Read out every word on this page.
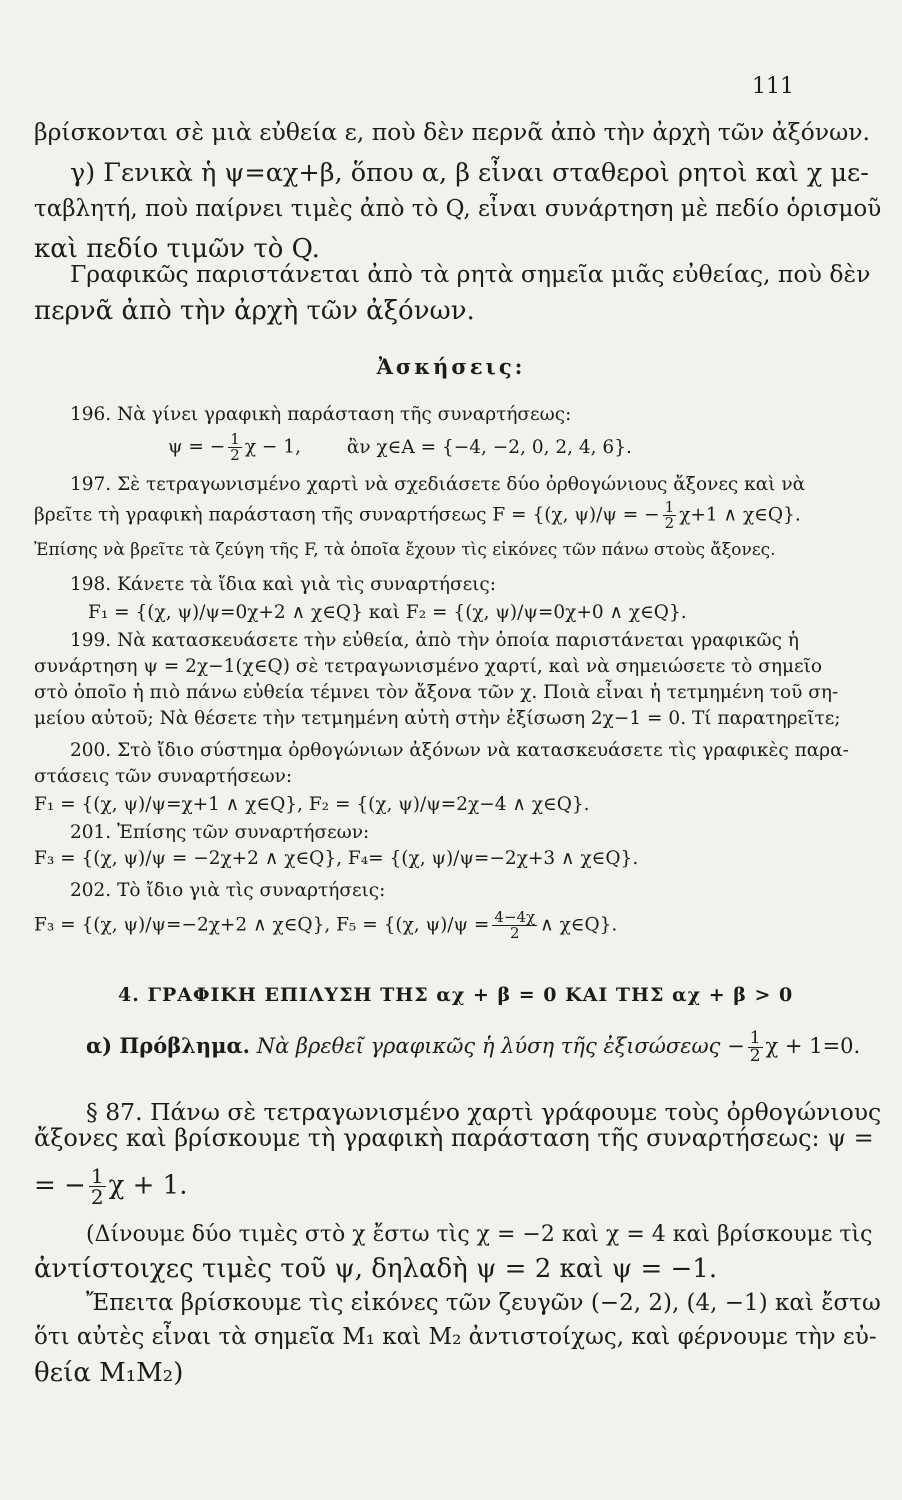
111
βρίσκονται σὲ μιὰ εὐθεία ε, ποὺ δὲν περνᾶ ἀπὸ τὴν ἀρχὴ τῶν ἀξόνων.
γ) Γενικὰ ἡ ψ=αχ+β, ὅπου α, β εἶναι σταθεροὶ ρητοὶ καὶ χ με-
ταβλητή, ποὺ παίρνει τιμὲς ἀπὸ τὸ Q, εἶναι συνάρτηση μὲ πεδίο ὁρισμοῦ
καὶ πεδίο τιμῶν τὸ Q.
Γραφικῶς παριστάνεται ἀπὸ τὰ ρητὰ σημεῖα μιᾶς εὐθείας, ποὺ δὲν
περνᾶ ἀπὸ τὴν ἀρχὴ τῶν ἀξόνων.
Ἀσκήσεις:
196. Νὰ γίνει γραφικὴ παράσταση τῆς συναρτήσεως:
ψ = − $\frac{1}{2}$ χ − 1, ἂν χ∈Α = {−4, −2, 0, 2, 4, 6}.
197. Σὲ τετραγωνισμένο χαρτὶ νὰ σχεδιάσετε δύο ὀρθογώνιους ἄξονες καὶ νὰ
βρεῖτε τὴ γραφικὴ παράσταση τῆς συναρτήσεως F = {(χ, ψ)/ψ = − $\frac{1}{2} \chi+1$ ∧ χ∈Q}.
Ἐπίσης νὰ βρεῖτε τὰ ζεύγη τῆς F, τὰ ὁποῖα ἔχουν τὶς εἰκόνες τῶν πάνω στοὺς ἄξονες.
198. Κάνετε τὰ ἴδια καὶ γιὰ τὶς συναρτήσεις:
F₁ = {(χ, ψ)/ψ=0χ+2 ∧ χ∈Q} καὶ F₂ = {(χ, ψ)/ψ=0χ+0 ∧ χ∈Q}.
199. Νὰ κατασκευάσετε τὴν εὐθεία, ἀπὸ τὴν ὁποία παριστάνεται γραφικῶς ἡ
συνάρτηση ψ = 2χ−1(χ∈Q) σὲ τετραγωνισμένο χαρτί, καὶ νὰ σημειώσετε τὸ σημεῖο
στὸ ὁποῖο ἡ πιὸ πάνω εὐθεία τέμνει τὸν ἄξονα τῶν χ. Ποιὰ εἶναι ἡ τετμημένη τοῦ ση-
μείου αὐτοῦ; Νὰ θέσετε τὴν τετμημένη αὐτὴ στὴν ἐξίσωση 2χ−1 = 0. Τί παρατηρεῖτε;
200. Στὸ ἴδιο σύστημα ὀρθογώνιων ἀξόνων νὰ κατασκευάσετε τὶς γραφικὲς παρα-
στάσεις τῶν συναρτήσεων:
F₁ = {(χ, ψ)/ψ=χ+1 ∧ χ∈Q}, F₂ = {(χ, ψ)/ψ=2χ−4 ∧ χ∈Q}.
201. Ἐπίσης τῶν συναρτήσεων:
F₃ = {(χ, ψ)/ψ = −2χ+2 ∧ χ∈Q}, F₄= {(χ, ψ)/ψ=−2χ+3 ∧ χ∈Q}.
202. Τὸ ἴδιο γιὰ τὶς συναρτήσεις:
F₃ = {(χ, ψ)/ψ=−2χ+2 ∧ χ∈Q}, F₅ = {(χ, $\psi)/\psi = \frac{4-4\chi}{2}$ ∧ χ∈Q}.
4. ΓΡΑΦΙΚΗ ΕΠΙΛΥΣΗ ΤΗΣ αχ + β = 0 ΚΑΙ ΤΗΣ αχ + β > 0
α) Πρόβλημα. Νὰ βρεθεῖ γραφικῶς ἡ λύση τῆς ἐξισώσεως − $\frac{1}{2}$ χ + 1=0.
§ 87. Πάνω σὲ τετραγωνισμένο χαρτὶ γράφουμε τοὺς ὀρθογώνιους
ἄξονες καὶ βρίσκουμε τὴ γραφικὴ παράσταση τῆς συναρτήσεως: ψ =
= − $\frac{1}{2}$ χ + 1.
(Δίνουμε δύο τιμὲς στὸ χ ἔστω τὶς χ = −2 καὶ χ = 4 καὶ βρίσκουμε τὶς
ἀντίστοιχες τιμὲς τοῦ ψ, δηλαδὴ ψ = 2 καὶ ψ = −1.
Ἔπειτα βρίσκουμε τὶς εἰκόνες τῶν ζευγῶν (−2, 2), (4, −1) καὶ ἔστω
ὅτι αὐτὲς εἶναι τὰ σημεῖα Μ₁ καὶ Μ₂ ἀντιστοίχως, καὶ φέρνουμε τὴν εὐ-
θεία Μ₁Μ₂)
